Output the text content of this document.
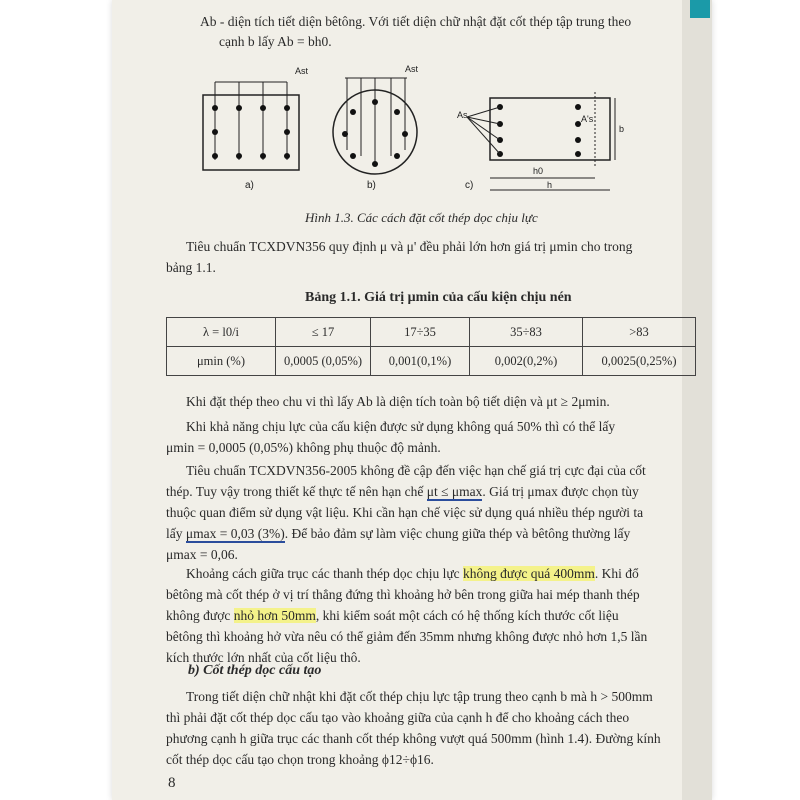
Ab - diện tích tiết diện bêtông. Với tiết diện chữ nhật đặt cốt thép tập trung theo
cạnh b lấy Ab = bh0.
Ast	Ast
As	A's
b
h0
h
a)	b)	c)
Hình 1.3. Các cách đặt cốt thép dọc chịu lực
Tiêu chuẩn TCXDVN356 quy định μ và μ' đều phải lớn hơn giá trị μmin cho trong
bảng 1.1.
Bảng 1.1. Giá trị μmin của cấu kiện chịu nén
λ = l0/i	≤ 17	17÷35	35÷83	>83
μmin (%)	0,0005 (0,05%)	0,001(0,1%)	0,002(0,2%)	0,0025(0,25%)
Khi đặt thép theo chu vi thì lấy Ab là diện tích toàn bộ tiết diện và μt ≥ 2μmin.
Khi khả năng chịu lực của cấu kiện được sử dụng không quá 50% thì có thể lấy
μmin = 0,0005 (0,05%) không phụ thuộc độ mảnh.
Tiêu chuẩn TCXDVN356-2005 không đề cập đến việc hạn chế giá trị cực đại của cốt
thép. Tuy vậy trong thiết kế thực tế nên hạn chế μt ≤ μmax. Giá trị μmax được chọn tùy
thuộc quan điểm sử dụng vật liệu. Khi cần hạn chế việc sử dụng quá nhiều thép người ta
lấy μmax = 0,03 (3%). Để bảo đảm sự làm việc chung giữa thép và bêtông thường lấy
μmax = 0,06.
Khoảng cách giữa trục các thanh thép dọc chịu lực không được quá 400mm. Khi đổ
bêtông mà cốt thép ở vị trí thẳng đứng thì khoảng hở bên trong giữa hai mép thanh thép
không được nhỏ hơn 50mm, khi kiểm soát một cách có hệ thống kích thước cốt liệu
bêtông thì khoảng hở vừa nêu có thể giảm đến 35mm nhưng không được nhỏ hơn 1,5 lần
kích thước lớn nhất của cốt liệu thô.
b) Cốt thép dọc cấu tạo
Trong tiết diện chữ nhật khi đặt cốt thép chịu lực tập trung theo cạnh b mà h > 500mm
thì phải đặt cốt thép dọc cấu tạo vào khoảng giữa của cạnh h để cho khoảng cách theo
phương cạnh h giữa trục các thanh cốt thép không vượt quá 500mm (hình 1.4). Đường kính
cốt thép dọc cấu tạo chọn trong khoảng ϕ12÷ϕ16.
8
